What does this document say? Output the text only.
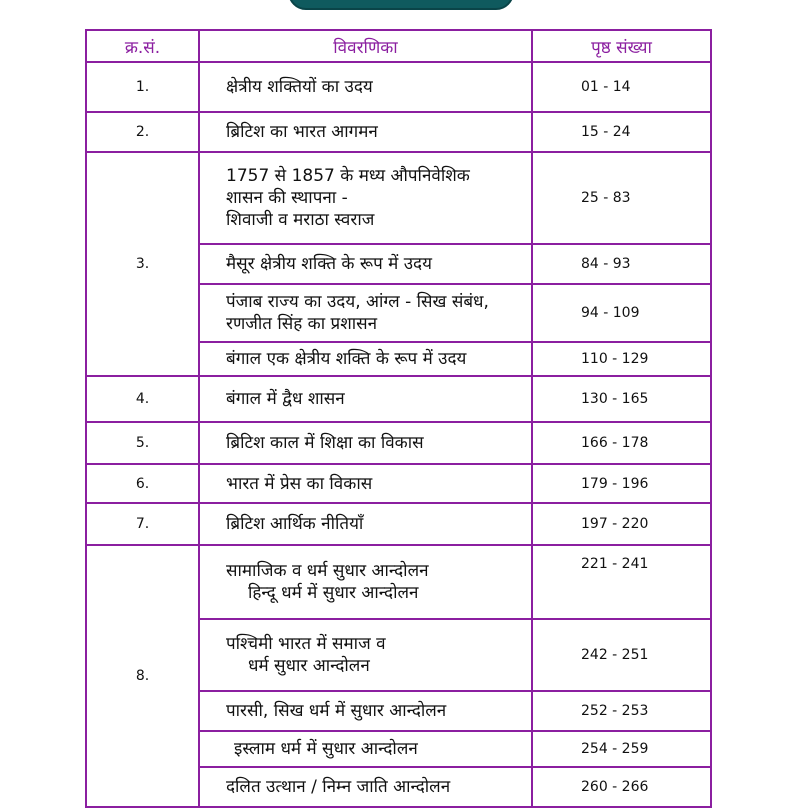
क्र.सं.	विवरणिका	पृष्ठ संख्या
1.	क्षेत्रीय शक्तियों का उदय	01 - 14
2.	ब्रिटिश का भारत आगमन	15 - 24
3.	1757 से 1857 के मध्य औपनिवेशिक
शासन की स्थापना -
शिवाजी व मराठा स्वराज	25 - 83

	मैसूर क्षेत्रीय शक्ति के रूप में उदय	84 - 93

	पंजाब राज्य का उदय, आंग्ल - सिख संबंध,
रणजीत सिंह का प्रशासन	94 - 109

	बंगाल एक क्षेत्रीय शक्ति के रूप में उदय	110 - 129
4.	बंगाल में द्वैध शासन	130 - 165
5.	ब्रिटिश काल में शिक्षा का विकास	166 - 178
6.	भारत में प्रेस का विकास	179 - 196
7.	ब्रिटिश आर्थिक नीतियाँ	197 - 220
8.	सामाजिक व धर्म सुधार आन्दोलन
हिन्दू धर्म में सुधार आन्दोलन	221 - 241

	पश्चिमी भारत में समाज व
धर्म सुधार आन्दोलन	242 - 251

	पारसी, सिख धर्म में सुधार आन्दोलन	252 - 253

	इस्लाम धर्म में सुधार आन्दोलन	254 - 259

	दलित उत्थान / निम्न जाति आन्दोलन	260 - 266
